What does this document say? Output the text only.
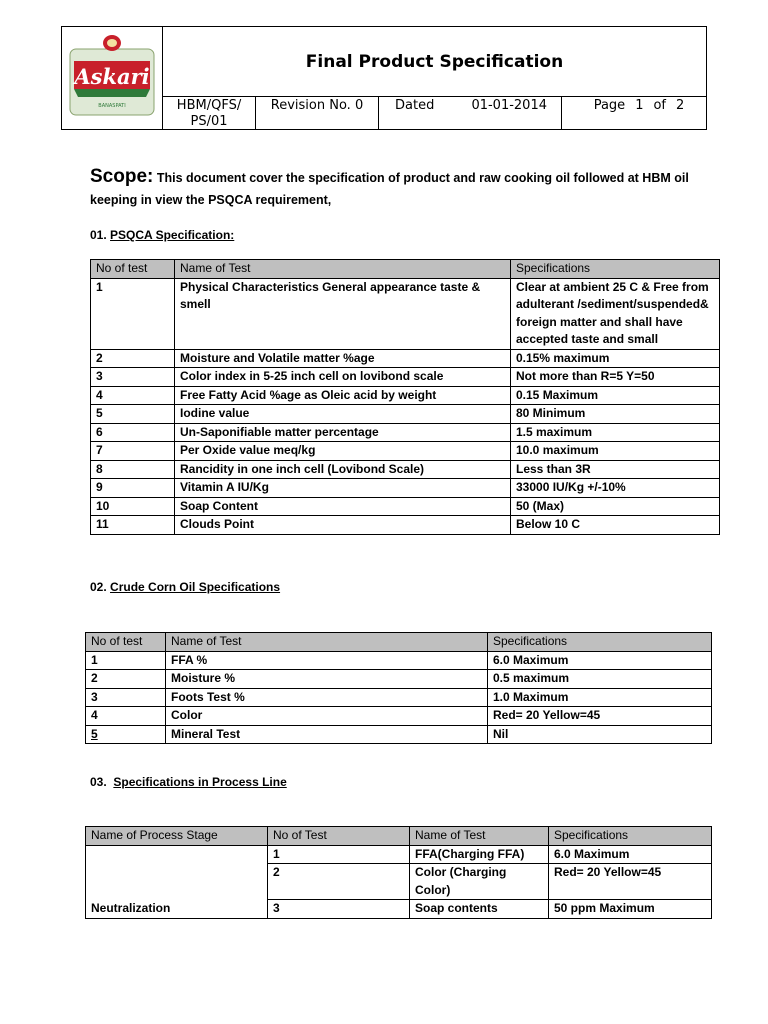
Askari
BANASPATI
Final Product Specification
HBM/QFS/
PS/01
Revision No. 0	Dated	01-01-2014	Page 1 of 2
Scope: This document cover the specification of product and raw cooking oil followed at HBM oil keeping in view the PSQCA requirement,
01. PSQCA Specification:
No of test	Name of Test	Specifications
1	Physical Characteristics General appearance taste & smell	Clear at ambient 25 C & Free from adulterant /sediment/suspended& foreign matter and shall have accepted taste and small
2	Moisture and Volatile matter %age	0.15% maximum
3	Color index in 5-25 inch cell on lovibond scale	Not more than R=5 Y=50
4	Free Fatty Acid %age as Oleic acid by weight	0.15 Maximum
5	Iodine value	80 Minimum
6	Un-Saponifiable matter percentage	1.5 maximum
7	Per Oxide value meq/kg	10.0 maximum
8	Rancidity in one inch cell (Lovibond Scale)	Less than 3R
9	Vitamin A IU/Kg	33000 IU/Kg +/-10%
10	Soap Content	50 (Max)
11	Clouds Point	Below 10 C
02. Crude Corn Oil Specifications
No of test	Name of Test	Specifications
1	FFA %	6.0 Maximum
2	Moisture %	0.5 maximum
3	Foots Test %	1.0 Maximum
4	Color	Red= 20 Yellow=45
5	Mineral Test	Nil
03. Specifications in Process Line
Name of Process Stage	No of Test	Name of Test	Specifications
Neutralization	1	FFA(Charging FFA)	6.0 Maximum
	2	Color (Charging Color)	Red= 20 Yellow=45
	3	Soap contents	50 ppm Maximum
